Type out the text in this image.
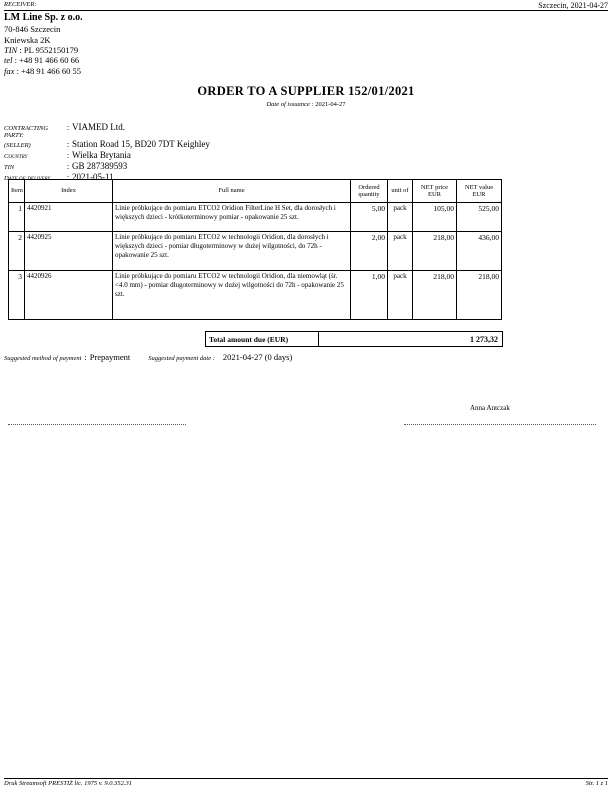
RECEIVER:	Szczecin, 2021-04-27
LM Line Sp. z o.o.
70-846 Szczecin
Kniewska 2K
TIN : PL 9552150179
tel : +48 91 466 60 66
fax : +48 91 466 60 55
ORDER TO A SUPPLIER 152/01/2021
Date of issuance : 2021-04-27
CONTRACTING PARTY:
: VIAMED Ltd.
(SELLER)	: Station Road 15, BD20 7DT Keighley
Country	: Wielka Brytania
TIN	: GB 287389593
Date of delivery	: 2021-05-11
Item	Index	Full name	Ordered quantity	unit of	NET price EUR	NET value EUR
1	4420921	Linie próbkujące do pomiaru ETCO2 Oridion FilterLine H Set, dla dorosłych i większych dzieci - krótkoterminowy pomiar - opakowanie 25 szt.	5,00	pack	105,00	525,00
2	4420925	Linie próbkujące do pomiaru ETCO2 w technologii Oridion, dla dorosłych i większych dzieci - pomiar długoterminowy w dużej wilgotności, do 72h - opakowanie 25 szt.	2,00	pack	218,00	436,00
3	4420926	Linie próbkujące do pomiaru ETCO2 w technologii Oridion, dla niemowląt (śr. <4.0 mm) - pomiar długoterminowy w dużej wilgotności do 72h - opakowanie 25 szt.	1,00	pack	218,00	218,00
Total amount due (EUR)	1 273,32
Suggested method of payment : Prepayment	Suggested payment date :
2021-04-27 (0 days)
Anna Antczak
Druk Streamsoft PRESTIŻ lic. 1975 v. 9.0.352.31	Str. 1 z 1
